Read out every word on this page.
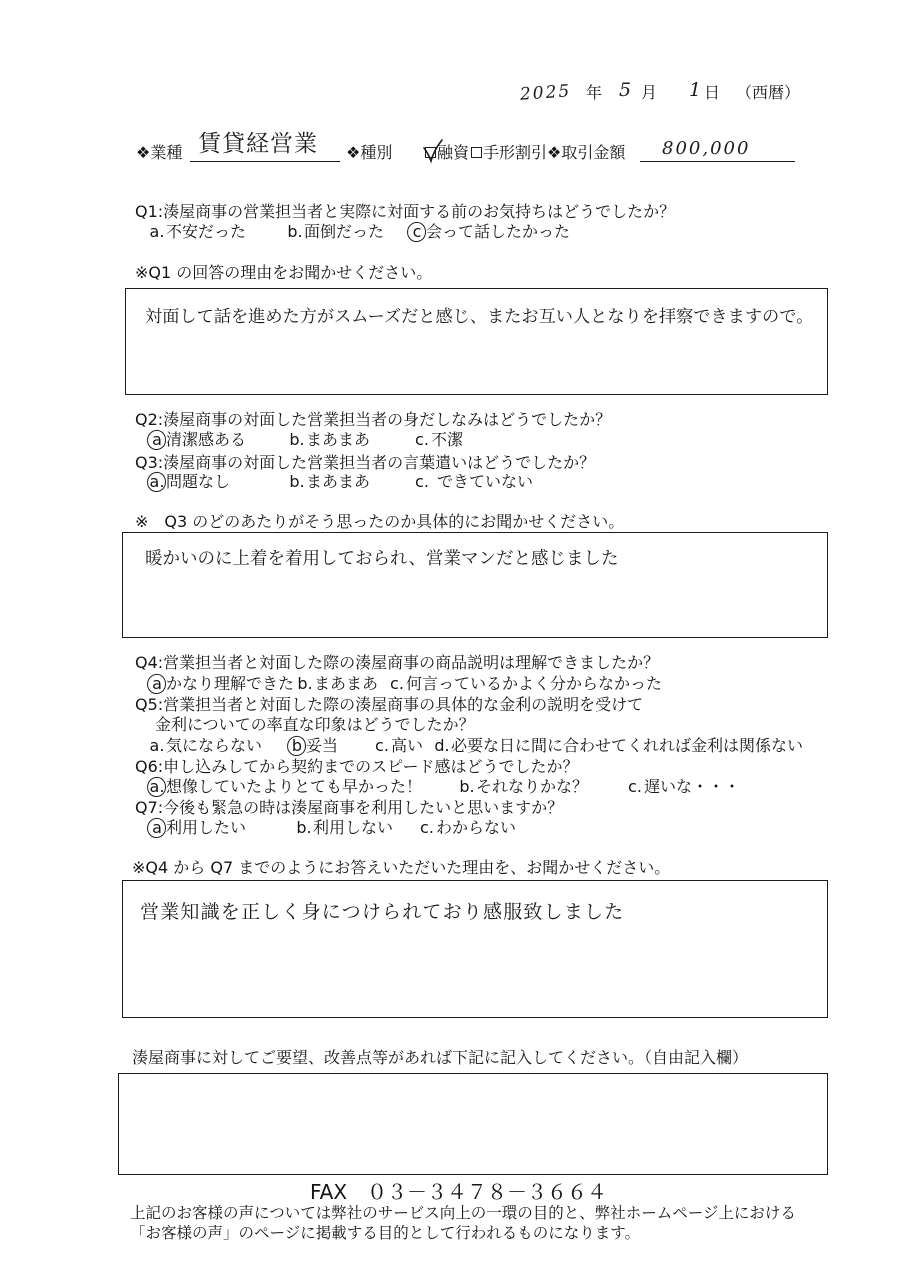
2025 年 5 月 1 日 （西暦）
❖業種 賃貸経営業 ❖種別	融資 手形割引 ❖取引金額 800,000
Q1:湊屋商事の営業担当者と実際に対面する前のお気持ちはどうでしたか？
a.不安だった	b.面倒だった c 会って話したかった
※Q1 の回答の理由をお聞かせください。
対面して話を進めた方がスムーズだと感じ、またお互い人となりを拝察できますので。
Q2:湊屋商事の対面した営業担当者の身だしなみはどうでしたか？
a 清潔感ある	b.まあまあ	c. 不潔
Q3:湊屋商事の対面した営業担当者の言葉遣いはどうでしたか？
a.問題なし	b.まあまあ	c. できていない
※　Q3 のどのあたりがそう思ったのか具体的にお聞かせください。
暖かいのに上着を着用しておられ、営業マンだと感じました
Q4:営業担当者と対面した際の湊屋商事の商品説明は理解できましたか？
a かなり理解できた b.まあまあ c. 何言っているかよく分からなかった
Q5:営業担当者と対面した際の湊屋商事の具体的な金利の説明を受けて
金利についての率直な印象はどうでしたか？
a.気にならない b 妥当 c. 高い d.必要な日に間に合わせてくれれば金利は関係ない
Q6:申し込みしてから契約までのスピード感はどうでしたか？
a.想像していたよりとても早かった！ b.それなりかな？	c. 遅いな・・・
Q7:今後も緊急の時は湊屋商事を利用したいと思いますか？
a 利用したい	b.利用しない c. わからない
※Q4 から Q7 までのようにお答えいただいた理由を、お聞かせください。
営業知識を正しく身につけられており感服致しました
湊屋商事に対してご要望、改善点等があれば下記に記入してください。（自由記入欄）
FAX　０３－３４７８－３６６４
上記のお客様の声については弊社のサービス向上の一環の目的と、弊社ホームページ上における
「お客様の声」のページに掲載する目的として行われるものになります。
